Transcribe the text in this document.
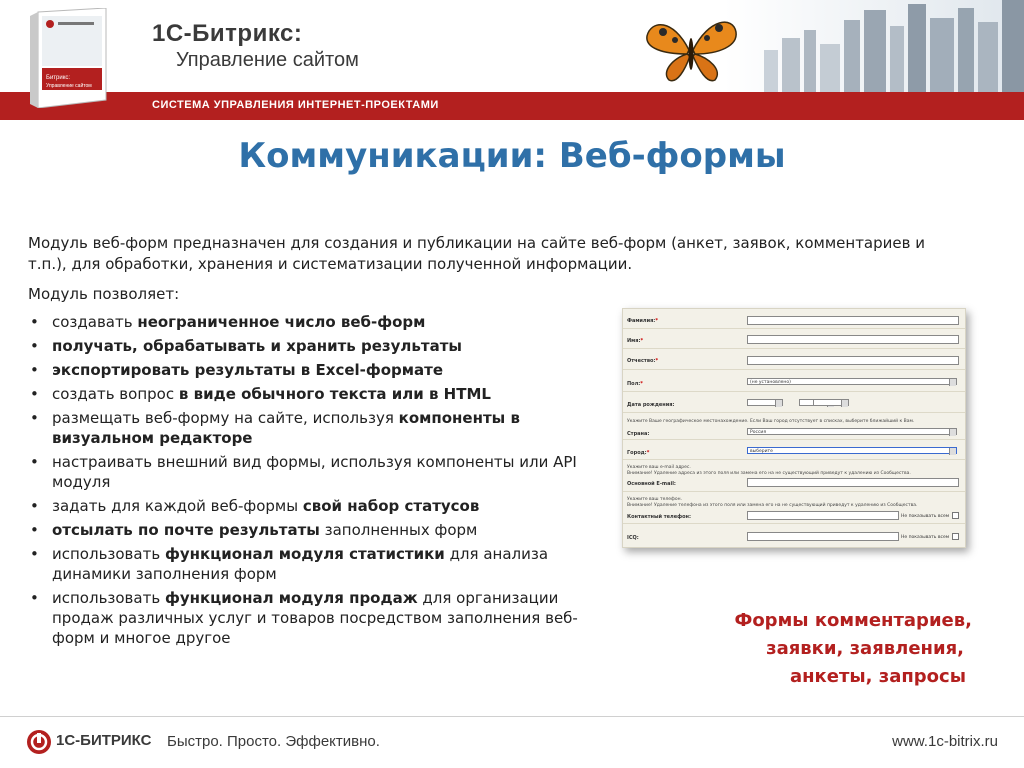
1С-Битрикс:
Управление сайтом
Битрикс:
Управление сайтом
СИСТЕМА УПРАВЛЕНИЯ ИНТЕРНЕТ-ПРОЕКТАМИ
Коммуникации: Веб-формы
Модуль веб-форм предназначен для создания и публикации на сайте веб-форм (анкет, заявок, комментариев и т.п.), для обработки, хранения и систематизации полученной информации.
Модуль позволяет:
• создавать неограниченное число веб-форм
• получать, обрабатывать и хранить результаты
• экспортировать результаты в Excel-формате
• создать вопрос в виде обычного текста или в HTML
• размещать веб-форму на сайте, используя компоненты в визуальном редакторе
• настраивать внешний вид формы, используя компоненты или API модуля
• задать для каждой веб-формы свой набор статусов
• отсылать по почте результаты заполненных форм
• использовать функционал модуля статистики для анализа динамики заполнения форм
• использовать функционал модуля продаж для организации продаж различных услуг и товаров посредством заполнения веб-форм и многое другое
Фамилия:*
Имя:*
Отчество:*
Пол:*	(не установлено)
Дата рождения:
Укажите Ваше географическое местонахождение. Если Ваш город отсутствует в списках, выберите ближайший к Вам.
Страна:	Россия
Город:*	выберите
Укажите ваш e-mail адрес.
Внимание! Удаление адреса из этого поля или замена его на не существующий приведут к удалению из Сообщества.
Основной E-mail:
Укажите ваш телефон.
Внимание! Удаление телефона из этого поля или замена его на не существующий приведут к удалению из Сообщества.
Контактный телефон:	Не показывать всем
ICQ:	Не показывать всем
Формы комментариев,
заявки, заявления,
анкеты, запросы
1С-БИТРИКС Быстро. Просто. Эффективно.	www.1c-bitrix.ru
